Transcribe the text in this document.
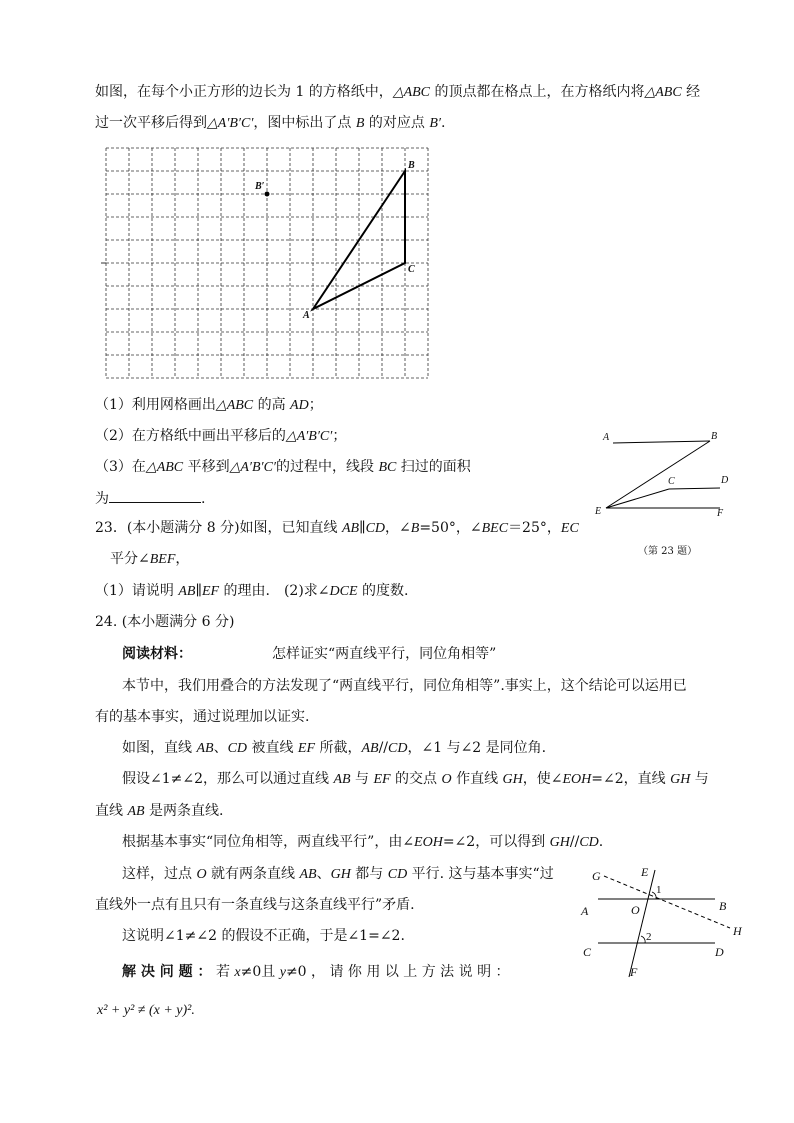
如图，在每个小正方形的边长为 1 的方格纸中，△ABC 的顶点都在格点上，在方格纸内将△ABC 经
过一次平移后得到△A′B′C′，图中标出了点 B 的对应点 B′.
A
B
C
B′
（1）利用网格画出△ABC 的高 AD；
（2）在方格纸中画出平移后的△A′B′C′；
（3）在△ABC 平移到△A′B′C′的过程中，线段 BC 扫过的面积
为	.
A	B
C	D
E	F
（第 23 题）
23．(本小题满分 8 分)如图，已知直线 AB∥CD，∠B=50°，∠BEC＝25°，EC
平分∠BEF，
（1）请说明 AB∥EF 的理由. (2)求∠DCE 的度数.
24. (本小题满分 6 分)
阅读材料：	怎样证实“两直线平行，同位角相等”
本节中，我们用叠合的方法发现了“两直线平行，同位角相等”.事实上，这个结论可以运用已
有的基本事实，通过说理加以证实.
如图，直线 AB、CD 被直线 EF 所截，AB//CD，∠1 与∠2 是同位角.
假设∠1≠∠2，那么可以通过直线 AB 与 EF 的交点 O 作直线 GH，使∠EOH=∠2，直线 GH 与
直线 AB 是两条直线.
根据基本事实“同位角相等，两直线平行”，由∠EOH=∠2，可以得到 GH//CD.
这样，过点 O 就有两条直线 AB、GH 都与 CD 平行. 这与基本事实“过
直线外一点有且只有一条直线与这条直线平行”矛盾.
这说明∠1≠∠2 的假设不正确，于是∠1=∠2.
解 决 问 题 ： 若 x≠0且 y≠0 ， 请 你 用 以 上 方 法 说 明 ：
x² + y² ≠ (x + y)².
G	E
1
A	O	B
H
2
C	D
F
